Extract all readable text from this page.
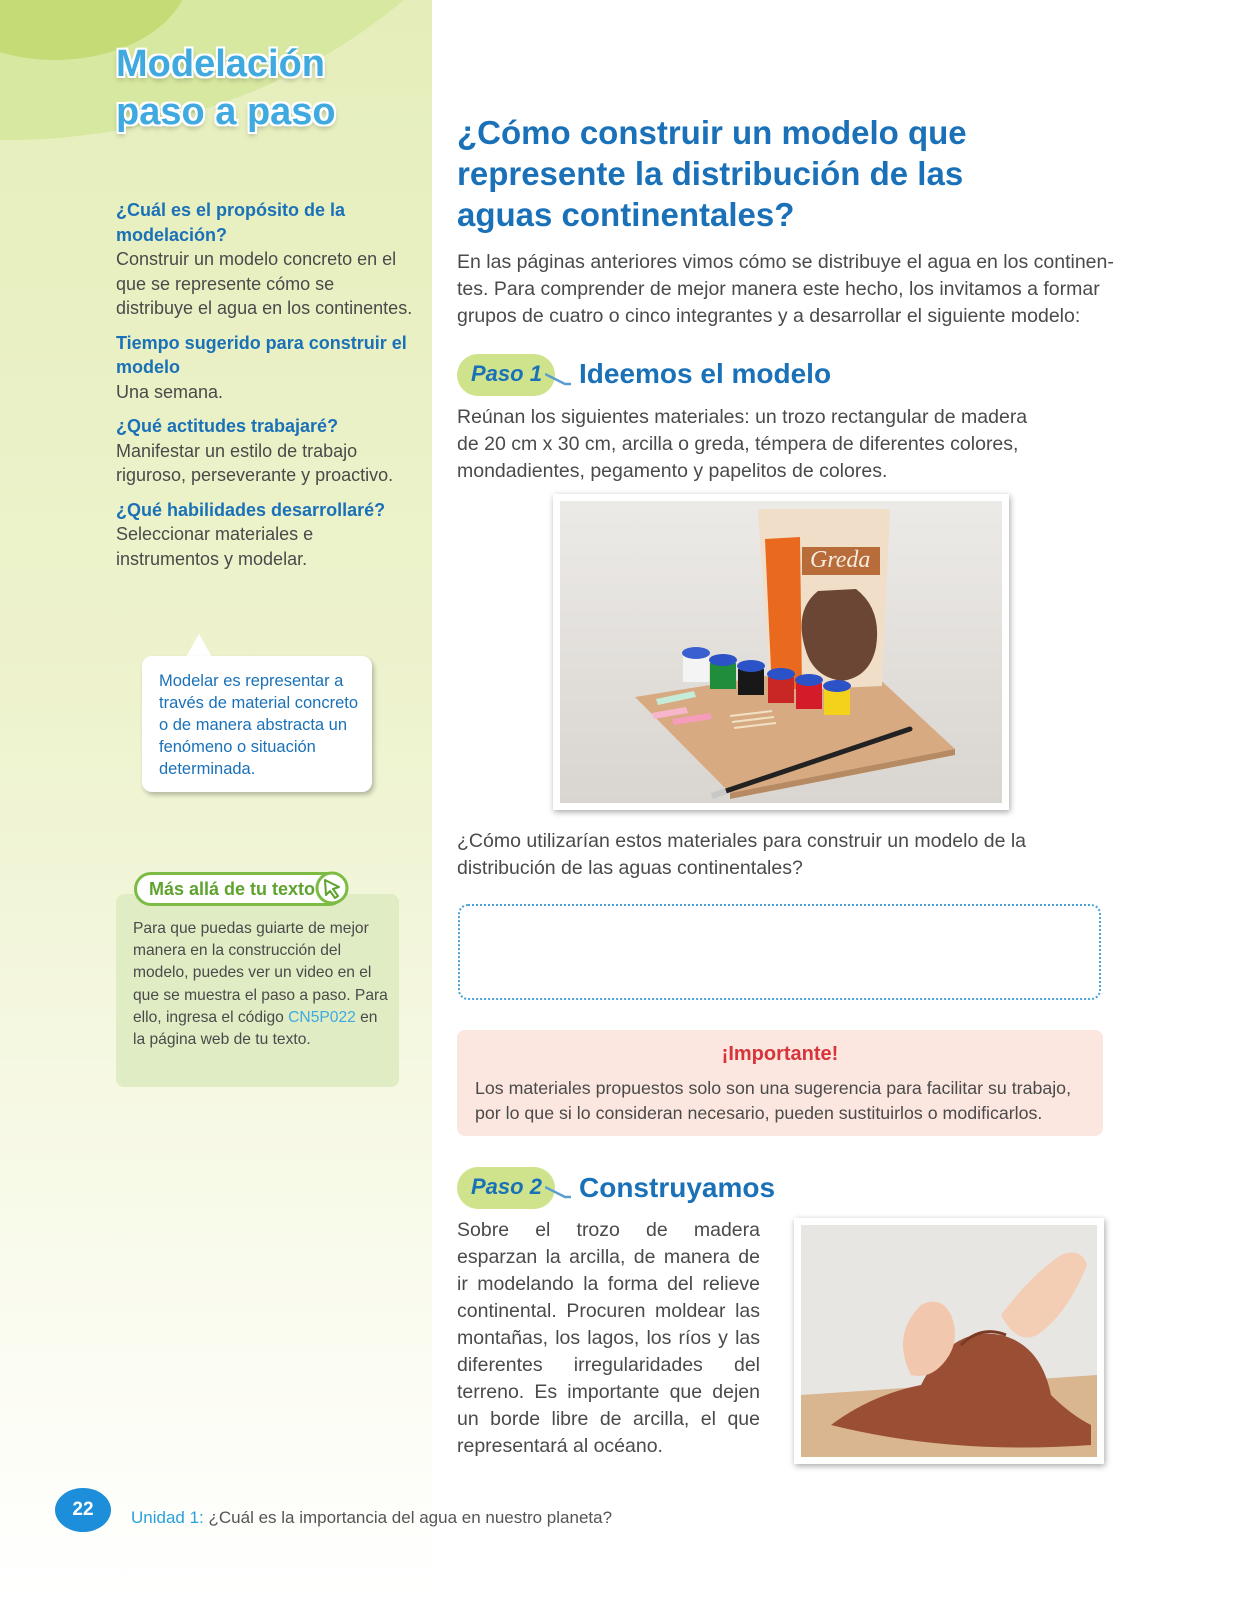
Modelación
paso a paso
¿Cuál es el propósito de la modelación?
Construir un modelo concreto en el que se represente cómo se distribuye el agua en los continentes.
Tiempo sugerido para construir el modelo
Una semana.
¿Qué actitudes trabajaré?
Manifestar un estilo de trabajo riguroso, perseverante y proactivo.
¿Qué habilidades desarrollaré?
Seleccionar materiales e instrumentos y modelar.
Modelar es representar a través de material concreto o de manera abstracta un fenómeno o situación determinada.
Para que puedas guiarte de mejor manera en la construcción del modelo, puedes ver un video en el que se muestra el paso a paso. Para ello, ingresa el código CN5P022 en la página web de tu texto.
Más allá de tu texto
¿Cómo construir un modelo que
represente la distribución de las
aguas continentales?
En las páginas anteriores vimos cómo se distribuye el agua en los continen-
tes. Para comprender de mejor manera este hecho, los invitamos a formar
grupos de cuatro o cinco integrantes y a desarrollar el siguiente modelo:
Paso 1 Ideemos el modelo
Reúnan los siguientes materiales: un trozo rectangular de madera
de 20 cm x 30 cm, arcilla o greda, témpera de diferentes colores,
mondadientes, pegamento y papelitos de colores.
Greda
¿Cómo utilizarían estos materiales para construir un modelo de la
distribución de las aguas continentales?
¡Importante!
Los materiales propuestos solo son una sugerencia para facilitar su trabajo,
por lo que si lo consideran necesario, pueden sustituirlos o modificarlos.
Paso 2 Construyamos
Sobre el trozo de madera esparzan la arcilla, de manera de ir modelando la forma del relieve continental. Procuren moldear las montañas, los lagos, los ríos y las diferentes irregularidades del terreno. Es importante que dejen un borde libre de arcilla, el que representará al océano.
22	Unidad 1: ¿Cuál es la importancia del agua en nuestro planeta?
